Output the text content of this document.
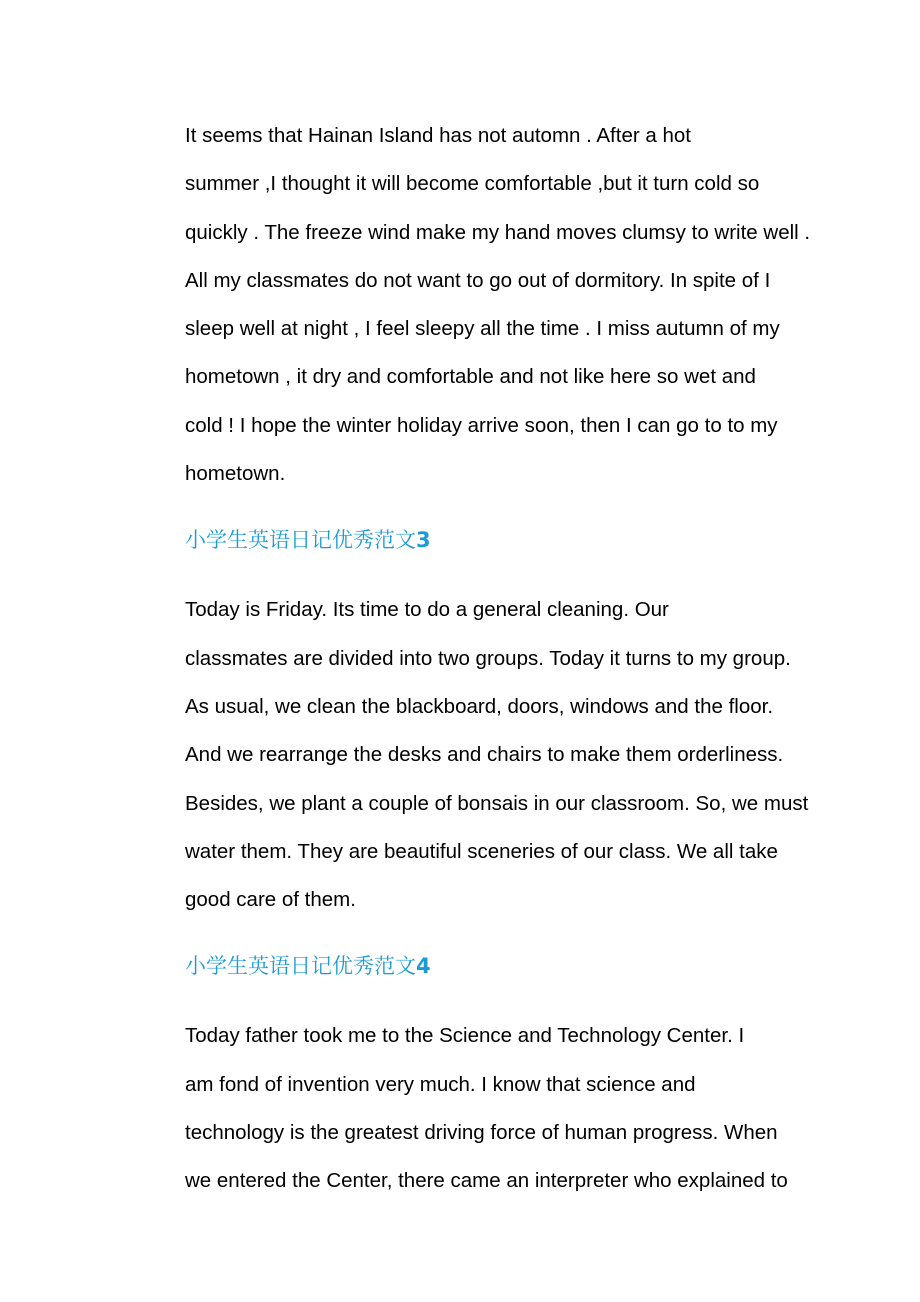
It seems that Hainan Island has not automn . After a hot
summer ,I thought it will become comfortable ,but it turn cold so
quickly . The freeze wind make my hand moves clumsy to write well .
All my classmates do not want to go out of dormitory. In spite of I
sleep well at night , I feel sleepy all the time . I miss autumn of my
hometown , it dry and comfortable and not like here so wet and
cold ! I hope the winter holiday arrive soon, then I can go to to my
hometown.

小学生英语日记优秀范文3

Today is Friday. Its time to do a general cleaning. Our
classmates are divided into two groups. Today it turns to my group.
As usual, we clean the blackboard, doors, windows and the floor.
And we rearrange the desks and chairs to make them orderliness.
Besides, we plant a couple of bonsais in our classroom. So, we must
water them. They are beautiful sceneries of our class. We all take
good care of them.

小学生英语日记优秀范文4

Today father took me to the Science and Technology Center. I
am fond of invention very much. I know that science and
technology is the greatest driving force of human progress. When
we entered the Center, there came an interpreter who explained to
